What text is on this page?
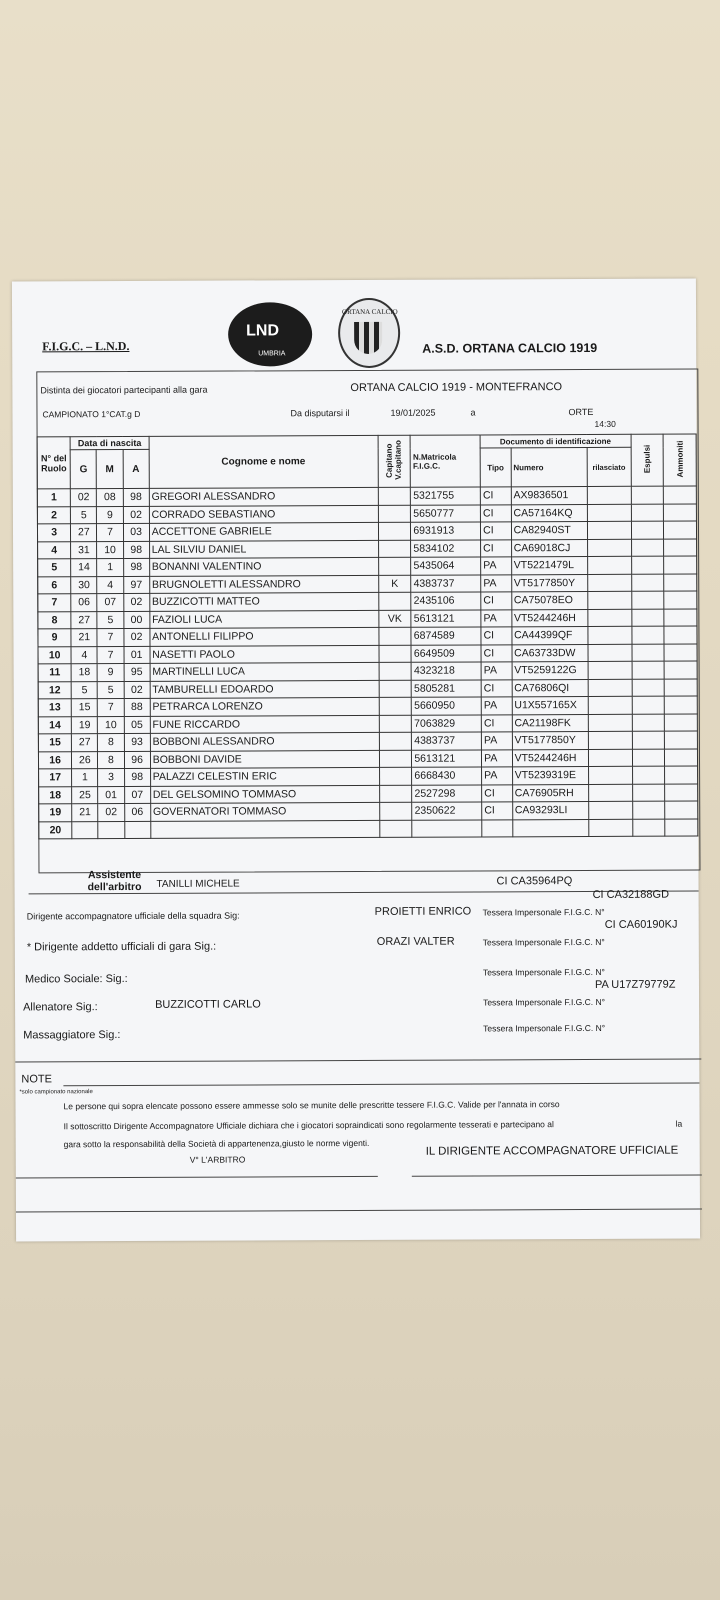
F.I.G.C. – L.N.D.
LND
UMBRIA
ORTANA CALCIO
A.S.D. ORTANA CALCIO 1919
Distinta dei giocatori partecipanti alla gara	ORTANA CALCIO 1919 - MONTEFRANCO
CAMPIONATO 1°CAT.g D	Da disputarsi il	19/01/2025	a	ORTE
14:30
N° del Ruolo	Data di nascita			Cognome e nome	Capitano V.capitano	N.Matricola F.I.G.C.	Documento di identificazione			Espulsi	Ammoniti
	G	M	A				Tipo	Numero	rilasciato		
1	02	08	98	GREGORI ALESSANDRO		5321755	CI	AX9836501			
2	5	9	02	CORRADO SEBASTIANO		5650777	CI	CA57164KQ			
3	27	7	03	ACCETTONE GABRIELE		6931913	CI	CA82940ST			
4	31	10	98	LAL SILVIU DANIEL		5834102	CI	CA69018CJ			
5	14	1	98	BONANNI VALENTINO		5435064	PA	VT5221479L			
6	30	4	97	BRUGNOLETTI ALESSANDRO	K	4383737	PA	VT5177850Y			
7	06	07	02	BUZZICOTTI MATTEO		2435106	CI	CA75078EO			
8	27	5	00	FAZIOLI LUCA	VK	5613121	PA	VT5244246H			
9	21	7	02	ANTONELLI FILIPPO		6874589	CI	CA44399QF			
10	4	7	01	NASETTI PAOLO		6649509	CI	CA63733DW			
11	18	9	95	MARTINELLI LUCA		4323218	PA	VT5259122G			
12	5	5	02	TAMBURELLI EDOARDO		5805281	CI	CA76806QI			
13	15	7	88	PETRARCA LORENZO		5660950	PA	U1X557165X			
14	19	10	05	FUNE RICCARDO		7063829	CI	CA21198FK			
15	27	8	93	BOBBONI ALESSANDRO		4383737	PA	VT5177850Y			
16	26	8	96	BOBBONI DAVIDE		5613121	PA	VT5244246H			
17	1	3	98	PALAZZI CELESTIN ERIC		6668430	PA	VT5239319E			
18	25	01	07	DEL GELSOMINO TOMMASO		2527298	CI	CA76905RH			
19	21	02	06	GOVERNATORI TOMMASO		2350622	CI	CA93293LI			
20											
Assistente dell'arbitro	TANILLI MICHELE	CI CA35964PQ
CI CA32188GD
Dirigente accompagnatore ufficiale della squadra Sig:	PROIETTI ENRICO Tessera Impersonale F.I.G.C. N°
CI CA60190KJ
* Dirigente addetto ufficiali di gara Sig.:	ORAZI VALTER	Tessera Impersonale F.I.G.C. N°
Medico Sociale: Sig.:
Tessera Impersonale F.I.G.C. N°
PA U17Z79779Z
Allenatore Sig.:	BUZZICOTTI CARLO	Tessera Impersonale F.I.G.C. N°
Massaggiatore Sig.:
Tessera Impersonale F.I.G.C. N°
NOTE
*solo campionato nazionale
Le persone qui sopra elencate possono essere ammesse solo se munite delle prescritte tessere F.I.G.C. Valide per l'annata in corso
Il sottoscritto Dirigente Accompagnatore Ufficiale dichiara che i giocatori sopraindicati sono regolarmente tesserati e partecipano al	la
gara sotto la responsabilità della Società di appartenenza,giusto le norme vigenti.
V° L'ARBITRO
IL DIRIGENTE ACCOMPAGNATORE UFFICIALE
